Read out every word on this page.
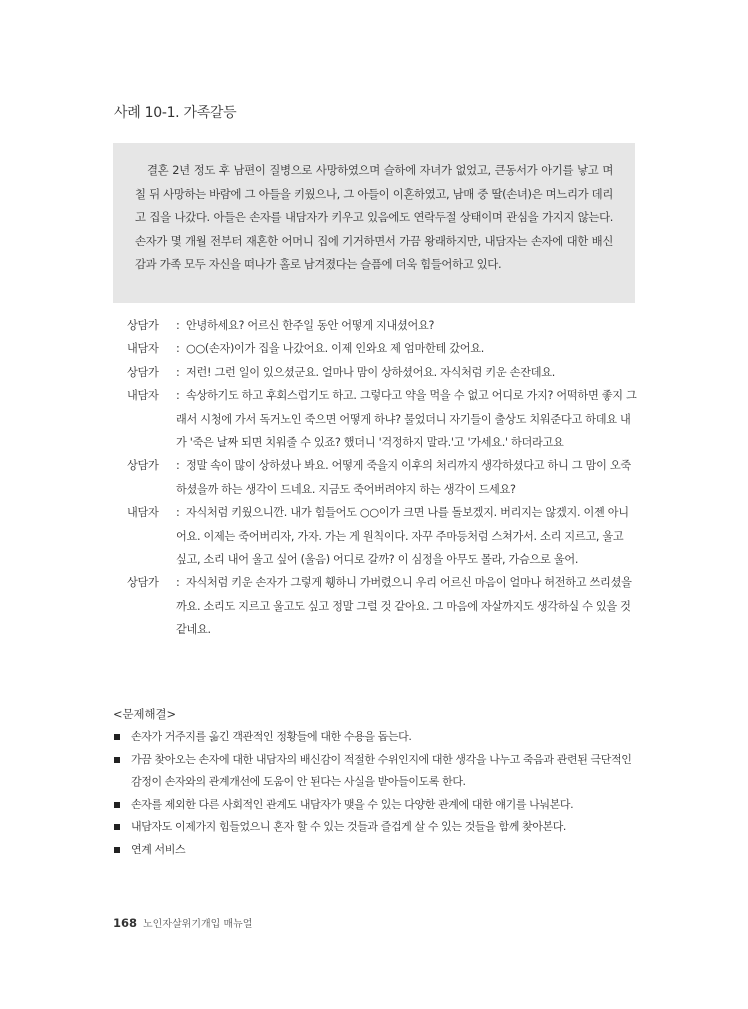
사례 10-1. 가족갈등

결혼 2년 정도 후 남편이 질병으로 사망하였으며 슬하에 자녀가 없었고, 큰동서가 아기를 낳고 며칠 뒤 사망하는 바람에 그 아들을 키웠으나, 그 아들이 이혼하였고, 남매 중 딸(손녀)은 며느리가 데리고 집을 나갔다. 아들은 손자를 내담자가 키우고 있음에도 연락두절 상태이며 관심을 가지지 않는다. 손자가 몇 개월 전부터 재혼한 어머니 집에 기거하면서 가끔 왕래하지만, 내담자는 손자에 대한 배신감과 가족 모두 자신을 떠나가 홀로 남겨졌다는 슬픔에 더욱 힘들어하고 있다.

상담가	:  안녕하세요? 어르신 한주일 동안 어떻게 지내셨어요?
내담자	:  ○○(손자)이가 집을 나갔어요. 이제 인와요 제 엄마한테 갔어요.
상담가	:  저런! 그런 일이 있으셨군요. 얼마나 맘이 상하셨어요. 자식처럼 키운 손잔데요.
내담자	:  속상하기도 하고 후회스럽기도 하고. 그렇다고 약을 먹을 수 없고 어디로 가지? 어떡하면 좋지 그래서 시청에 가서 독거노인 죽으면 어떻게 하냐? 물었더니 자기들이 출상도 치워준다고 하데요 내가 '죽은 날짜 되면 치워줄 수 있죠? 했더니 '걱정하지 말라.'고 '가세요.' 하더라고요
상담가	:  정말 속이 많이 상하셨나 봐요. 어떻게 죽을지 이후의 처리까지 생각하셨다고 하니 그 맘이 오죽하셨을까 하는 생각이 드네요. 지금도 죽어버려야지 하는 생각이 드세요?
내담자	:  자식처럼 키웠으니깐. 내가 힘들어도 ○○이가 크면 나를 돌보겠지. 버리지는 않겠지. 이젠 아니어요. 이제는 죽어버리자, 가자. 가는 게 원칙이다. 자꾸 주마등처럼 스쳐가서. 소리 지르고, 울고 싶고, 소리 내어 울고 싶어 (울음) 어디로 갈까? 이 심정을 아무도 몰라, 가슴으로 울어.
상담가	:  자식처럼 키운 손자가 그렇게 휑하니 가버렸으니 우리 어르신 마음이 얼마나 허전하고 쓰리셨을까요. 소리도 지르고 울고도 싶고 정말 그럴 것 같아요. 그 마음에 자살까지도 생각하실 수 있을 것 같네요.
<문제해결>
손자가 거주지를 옮긴 객관적인 정황들에 대한 수용을 돕는다.
가끔 찾아오는 손자에 대한 내담자의 배신감이 적절한 수위인지에 대한 생각을 나누고 죽음과 관련된 극단적인 감정이 손자와의 관계개선에 도움이 안 된다는 사실을 받아들이도록 한다.
손자를 제외한 다른 사회적인 관계도 내담자가 맺을 수 있는 다양한 관계에 대한 얘기를 나눠본다.
내담자도 이제가지 힘들었으니 혼자 할 수 있는 것들과 즐겁게 살 수 있는 것들을 함께 찾아본다.
연계 서비스
168 노인자살위기개입 매뉴얼
